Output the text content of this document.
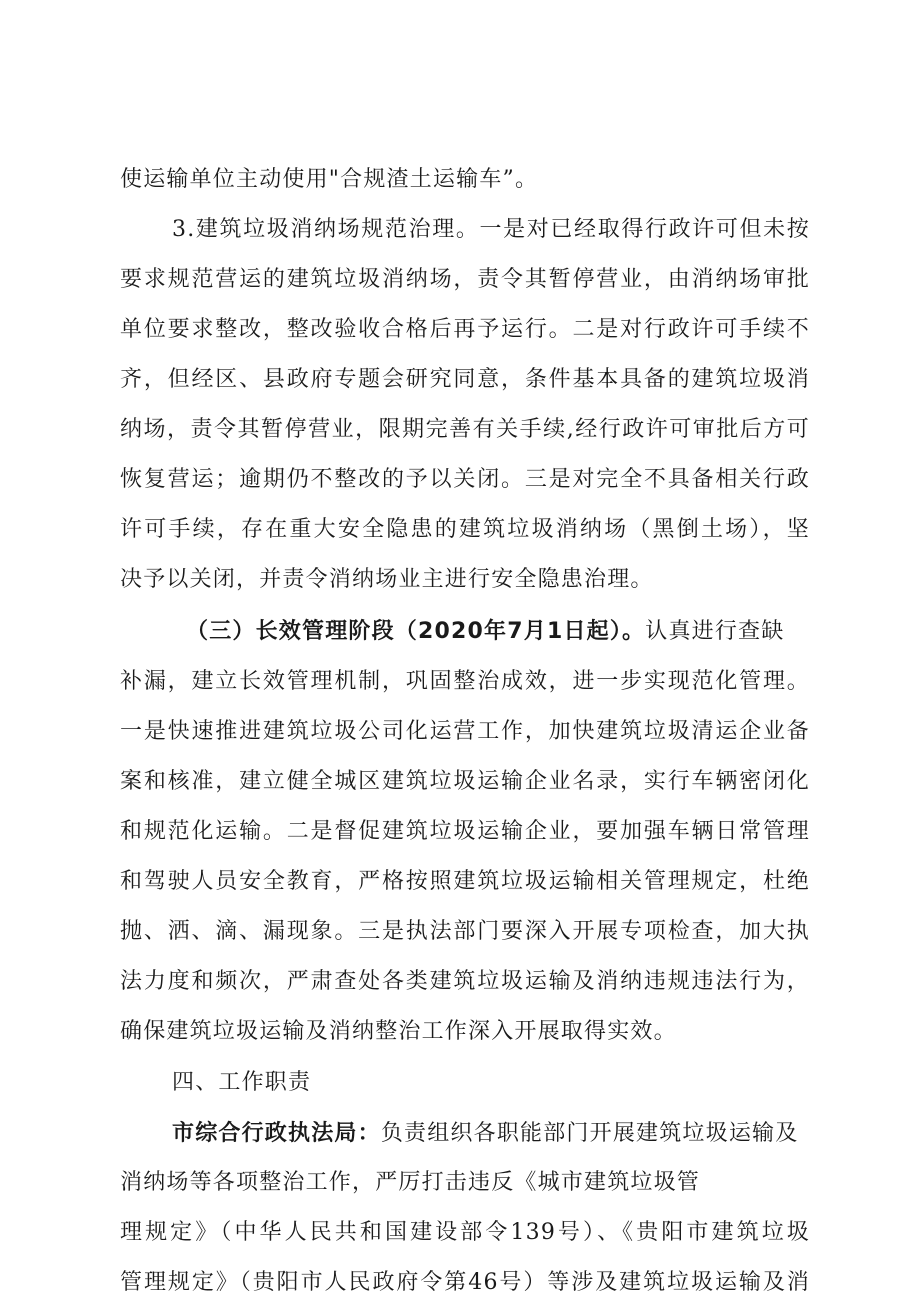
使运输单位主动使用"合规渣土运输车”。
3.建筑垃圾消纳场规范治理。一是对已经取得行政许可但未按
要求规范营运的建筑垃圾消纳场，责令其暂停营业，由消纳场审批
单位要求整改，整改验收合格后再予运行。二是对行政许可手续不
齐，但经区、县政府专题会研究同意，条件基本具备的建筑垃圾消
纳场，责令其暂停营业，限期完善有关手续,经行政许可审批后方可
恢复营运；逾期仍不整改的予以关闭。三是对完全不具备相关行政
许可手续，存在重大安全隐患的建筑垃圾消纳场（黑倒土场），坚
决予以关闭，并责令消纳场业主进行安全隐患治理。
（三）长效管理阶段（2020年7月1日起）。认真进行查缺
补漏，建立长效管理机制，巩固整治成效，进一步实现范化管理。
一是快速推进建筑垃圾公司化运营工作，加快建筑垃圾清运企业备
案和核准，建立健全城区建筑垃圾运输企业名录，实行车辆密闭化
和规范化运输。二是督促建筑垃圾运输企业，要加强车辆日常管理
和驾驶人员安全教育，严格按照建筑垃圾运输相关管理规定，杜绝
抛、洒、滴、漏现象。三是执法部门要深入开展专项检查，加大执
法力度和频次，严肃查处各类建筑垃圾运输及消纳违规违法行为，
确保建筑垃圾运输及消纳整治工作深入开展取得实效。
四、工作职责
市综合行政执法局：负责组织各职能部门开展建筑垃圾运输及
消纳场等各项整治工作，严厉打击违反《城市建筑垃圾管
理规定》（中华人民共和国建设部令139号）、《贵阳市建筑垃圾
管理规定》（贵阳市人民政府令第46号）等涉及建筑垃圾运输及消
